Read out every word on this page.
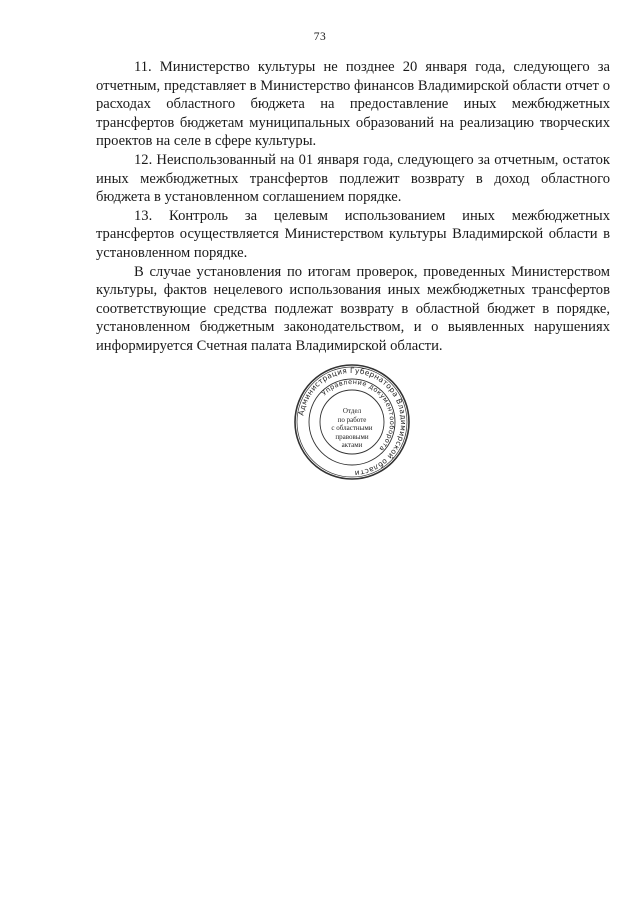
73

11. Министерство культуры не позднее 20 января года, следующего за отчетным, представляет в Министерство финансов Владимирской области отчет о расходах областного бюджета на предоставление иных межбюджетных трансфертов бюджетам муниципальных образований на реализацию творческих проектов на селе в сфере культуры.

12. Неиспользованный на 01 января года, следующего за отчетным, остаток иных межбюджетных трансфертов подлежит возврату в доход областного бюджета в установленном соглашением порядке.

13. Контроль за целевым использованием иных межбюджетных трансфертов осуществляется Министерством культуры Владимирской области в установленном порядке.

В случае установления по итогам проверок, проведенных Министерством культуры, фактов нецелевого использования иных межбюджетных трансфертов соответствующие средства подлежат возврату в областной бюджет в порядке, установленном бюджетным законодательством, и о выявленных нарушениях информируется Счетная палата Владимирской области.

Администрация Губернатора Владимирской области
Управление документооборота
Отдел
по работе
с областными
правовыми
актами
